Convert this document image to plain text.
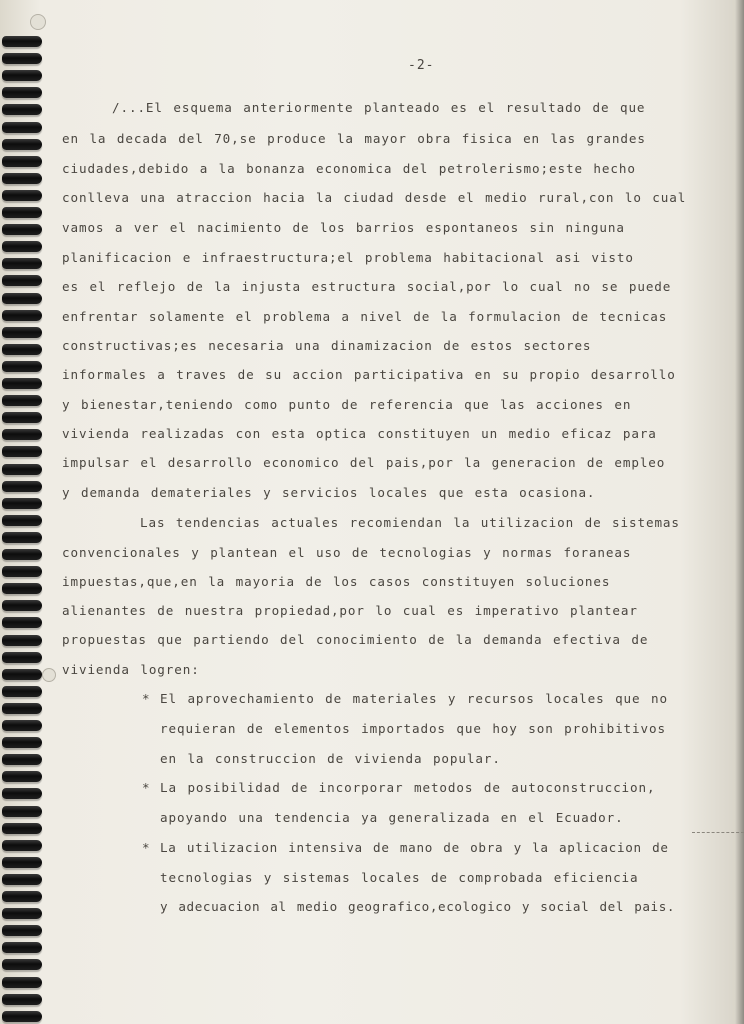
-2-
/...El esquema anteriormente planteado es el resultado de que
en la decada del 70,se produce la mayor obra fisica en las grandes
ciudades,debido a la bonanza economica del petrolerismo;este hecho
conlleva una atraccion hacia la ciudad desde el medio rural,con lo cual
vamos a ver el nacimiento de los barrios espontaneos sin ninguna
planificacion e infraestructura;el problema habitacional asi visto
es el reflejo de la injusta estructura social,por lo cual no se puede
enfrentar solamente el problema a nivel de la formulacion de tecnicas
constructivas;es necesaria una dinamizacion de estos sectores
informales a traves de su accion participativa en su propio desarrollo
y bienestar,teniendo como punto de referencia que las acciones en
vivienda realizadas con esta optica constituyen un medio eficaz para
impulsar el desarrollo economico del pais,por la generacion de empleo
y demanda demateriales y servicios locales que esta ocasiona.
Las tendencias actuales recomiendan la utilizacion de sistemas
convencionales y plantean el uso de tecnologias y normas foraneas
impuestas,que,en la mayoria de los casos constituyen soluciones
alienantes de nuestra propiedad,por lo cual es imperativo plantear
propuestas que partiendo del conocimiento de la demanda efectiva de
vivienda logren:
* El aprovechamiento de materiales y recursos locales que no
requieran de elementos importados que hoy son prohibitivos
en la construccion de vivienda popular.
* La posibilidad de incorporar metodos de autoconstruccion,
apoyando una tendencia ya generalizada en el Ecuador.
* La utilizacion intensiva de mano de obra y la aplicacion de
tecnologias y sistemas locales de comprobada eficiencia
y adecuacion al medio geografico,ecologico y social del pais.
